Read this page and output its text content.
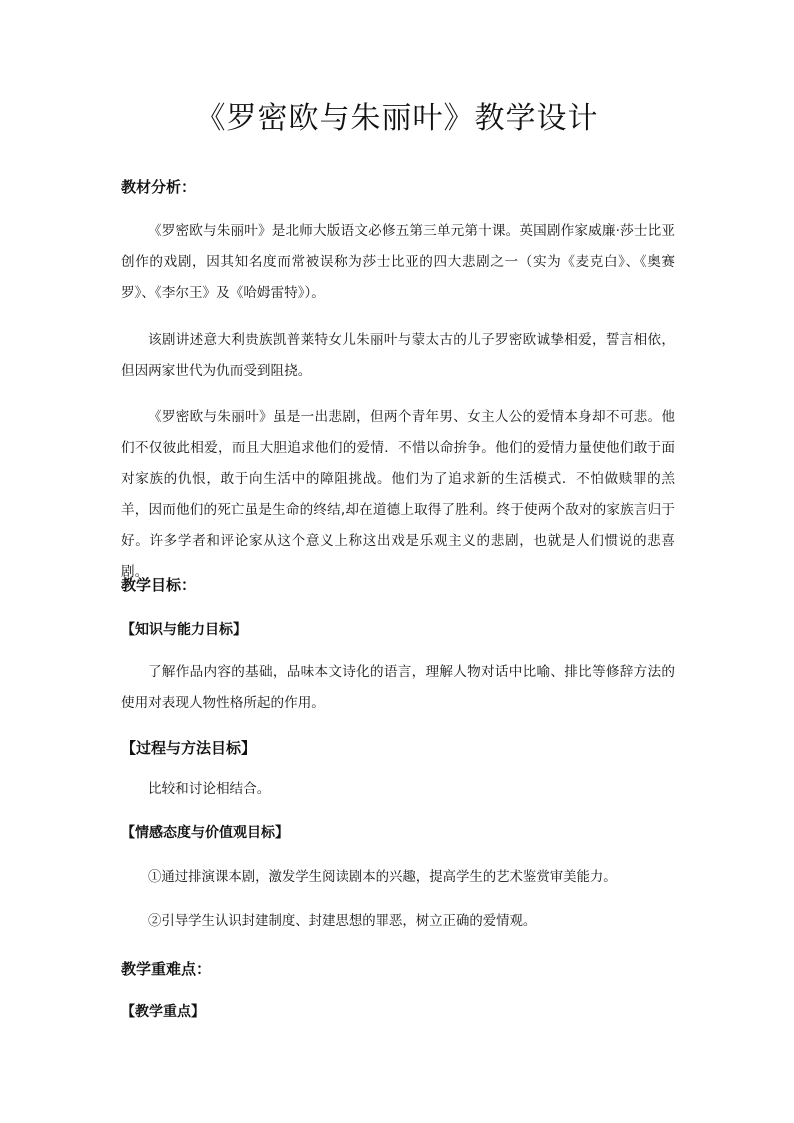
《罗密欧与朱丽叶》教学设计
教材分析：

《罗密欧与朱丽叶》是北师大版语文必修五第三单元第十课。英国剧作家威廉·莎士比亚创作的戏剧，因其知名度而常被误称为莎士比亚的四大悲剧之一（实为《麦克白》、《奥赛罗》、《李尔王》及《哈姆雷特》）。

该剧讲述意大利贵族凯普莱特女儿朱丽叶与蒙太古的儿子罗密欧诚挚相爱，誓言相依，但因两家世代为仇而受到阻挠。

《罗密欧与朱丽叶》虽是一出悲剧，但两个青年男、女主人公的爱情本身却不可悲。他们不仅彼此相爱，而且大胆追求他们的爱情．不惜以命拚争。他们的爱情力量使他们敢于面对家族的仇恨，敢于向生活中的障阻挑战。他们为了追求新的生活模式．不怕做赎罪的羔羊，因而他们的死亡虽是生命的终结,却在道德上取得了胜利。终于使两个敌对的家族言归于好。许多学者和评论家从这个意义上称这出戏是乐观主义的悲剧，也就是人们惯说的悲喜剧。

教学目标：
【知识与能力目标】

了解作品内容的基础，品味本文诗化的语言，理解人物对话中比喻、排比等修辞方法的使用对表现人物性格所起的作用。

【过程与方法目标】

比较和讨论相结合。

【情感态度与价值观目标】

①通过排演课本剧，激发学生阅读剧本的兴趣，提高学生的艺术鉴赏审美能力。

②引导学生认识封建制度、封建思想的罪恶，树立正确的爱情观。

教学重难点：
【教学重点】
